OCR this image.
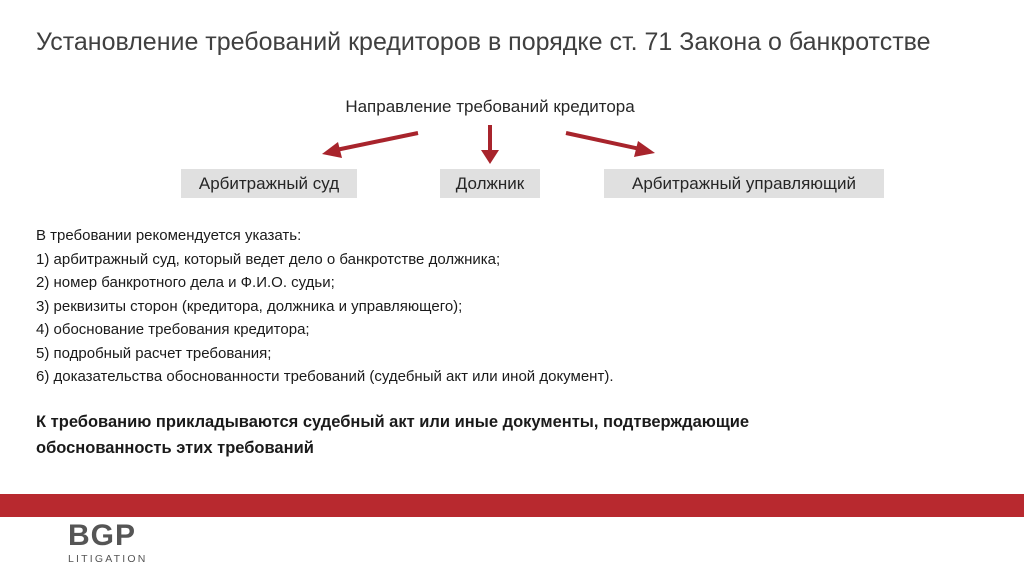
Установление требований кредиторов в порядке ст. 71 Закона о банкротстве
Направление требований кредитора
Арбитражный суд	Должник	Арбитражный управляющий
В требовании рекомендуется указать:
1) арбитражный суд, который ведет дело о банкротстве должника;
2) номер банкротного дела и Ф.И.О. судьи;
3) реквизиты сторон (кредитора, должника и управляющего);
4) обоснование требования кредитора;
5) подробный расчет требования;
6) доказательства обоснованности требований (судебный акт или иной документ).
К требованию прикладываются судебный акт или иные документы, подтверждающие
обоснованность этих требований
BGP
LITIGATION
